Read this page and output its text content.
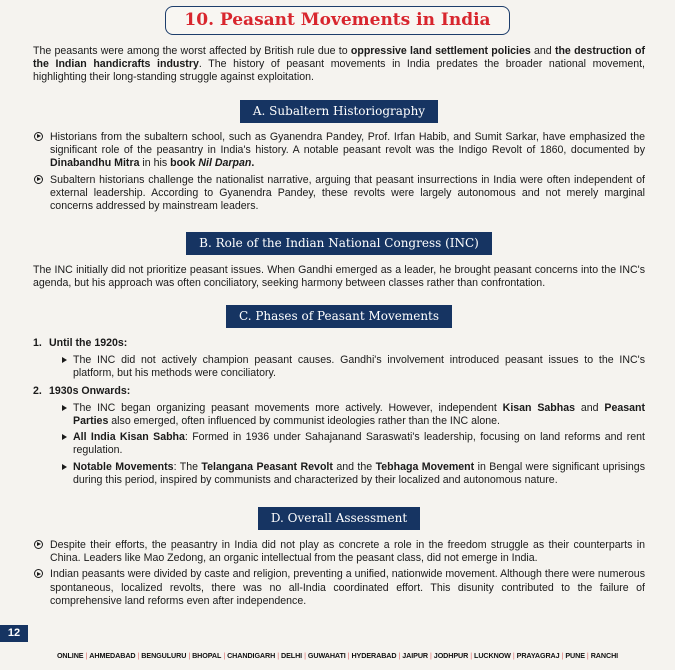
10. Peasant Movements in India

The peasants were among the worst affected by British rule due to oppressive land settlement policies and the destruction of the Indian handicrafts industry. The history of peasant movements in India predates the broader national movement, highlighting their long-standing struggle against exploitation.

A. Subaltern Historiography
Historians from the subaltern school, such as Gyanendra Pandey, Prof. Irfan Habib, and Sumit Sarkar, have emphasized the significant role of the peasantry in India's history. A notable peasant revolt was the Indigo Revolt of 1860, documented by Dinabandhu Mitra in his book Nil Darpan.
Subaltern historians challenge the nationalist narrative, arguing that peasant insurrections in India were often independent of external leadership. According to Gyanendra Pandey, these revolts were largely autonomous and not merely marginal concerns addressed by mainstream leaders.
B. Role of the Indian National Congress (INC)

The INC initially did not prioritize peasant issues. When Gandhi emerged as a leader, he brought peasant concerns into the INC's agenda, but his approach was often conciliatory, seeking harmony between classes rather than confrontation.

C. Phases of Peasant Movements
1. Until the 1920s:
The INC did not actively champion peasant causes. Gandhi's involvement introduced peasant issues to the INC's platform, but his methods were conciliatory.
2. 1930s Onwards:
The INC began organizing peasant movements more actively. However, independent Kisan Sabhas and Peasant Parties also emerged, often influenced by communist ideologies rather than the INC alone.
All India Kisan Sabha: Formed in 1936 under Sahajanand Saraswati's leadership, focusing on land reforms and rent regulation.
Notable Movements: The Telangana Peasant Revolt and the Tebhaga Movement in Bengal were significant uprisings during this period, inspired by communists and characterized by their localized and autonomous nature.
D. Overall Assessment
Despite their efforts, the peasantry in India did not play as concrete a role in the freedom struggle as their counterparts in China. Leaders like Mao Zedong, an organic intellectual from the peasant class, did not emerge in India.
Indian peasants were divided by caste and religion, preventing a unified, nationwide movement. Although there were numerous spontaneous, localized revolts, there was no all-India coordinated effort. This disunity contributed to the failure of comprehensive land reforms even after independence.
12
ONLINE | AHMEDABAD | BENGULURU | BHOPAL | CHANDIGARH | DELHI | GUWAHATI | HYDERABAD | JAIPUR | JODHPUR | LUCKNOW | PRAYAGRAJ | PUNE | RANCHI
